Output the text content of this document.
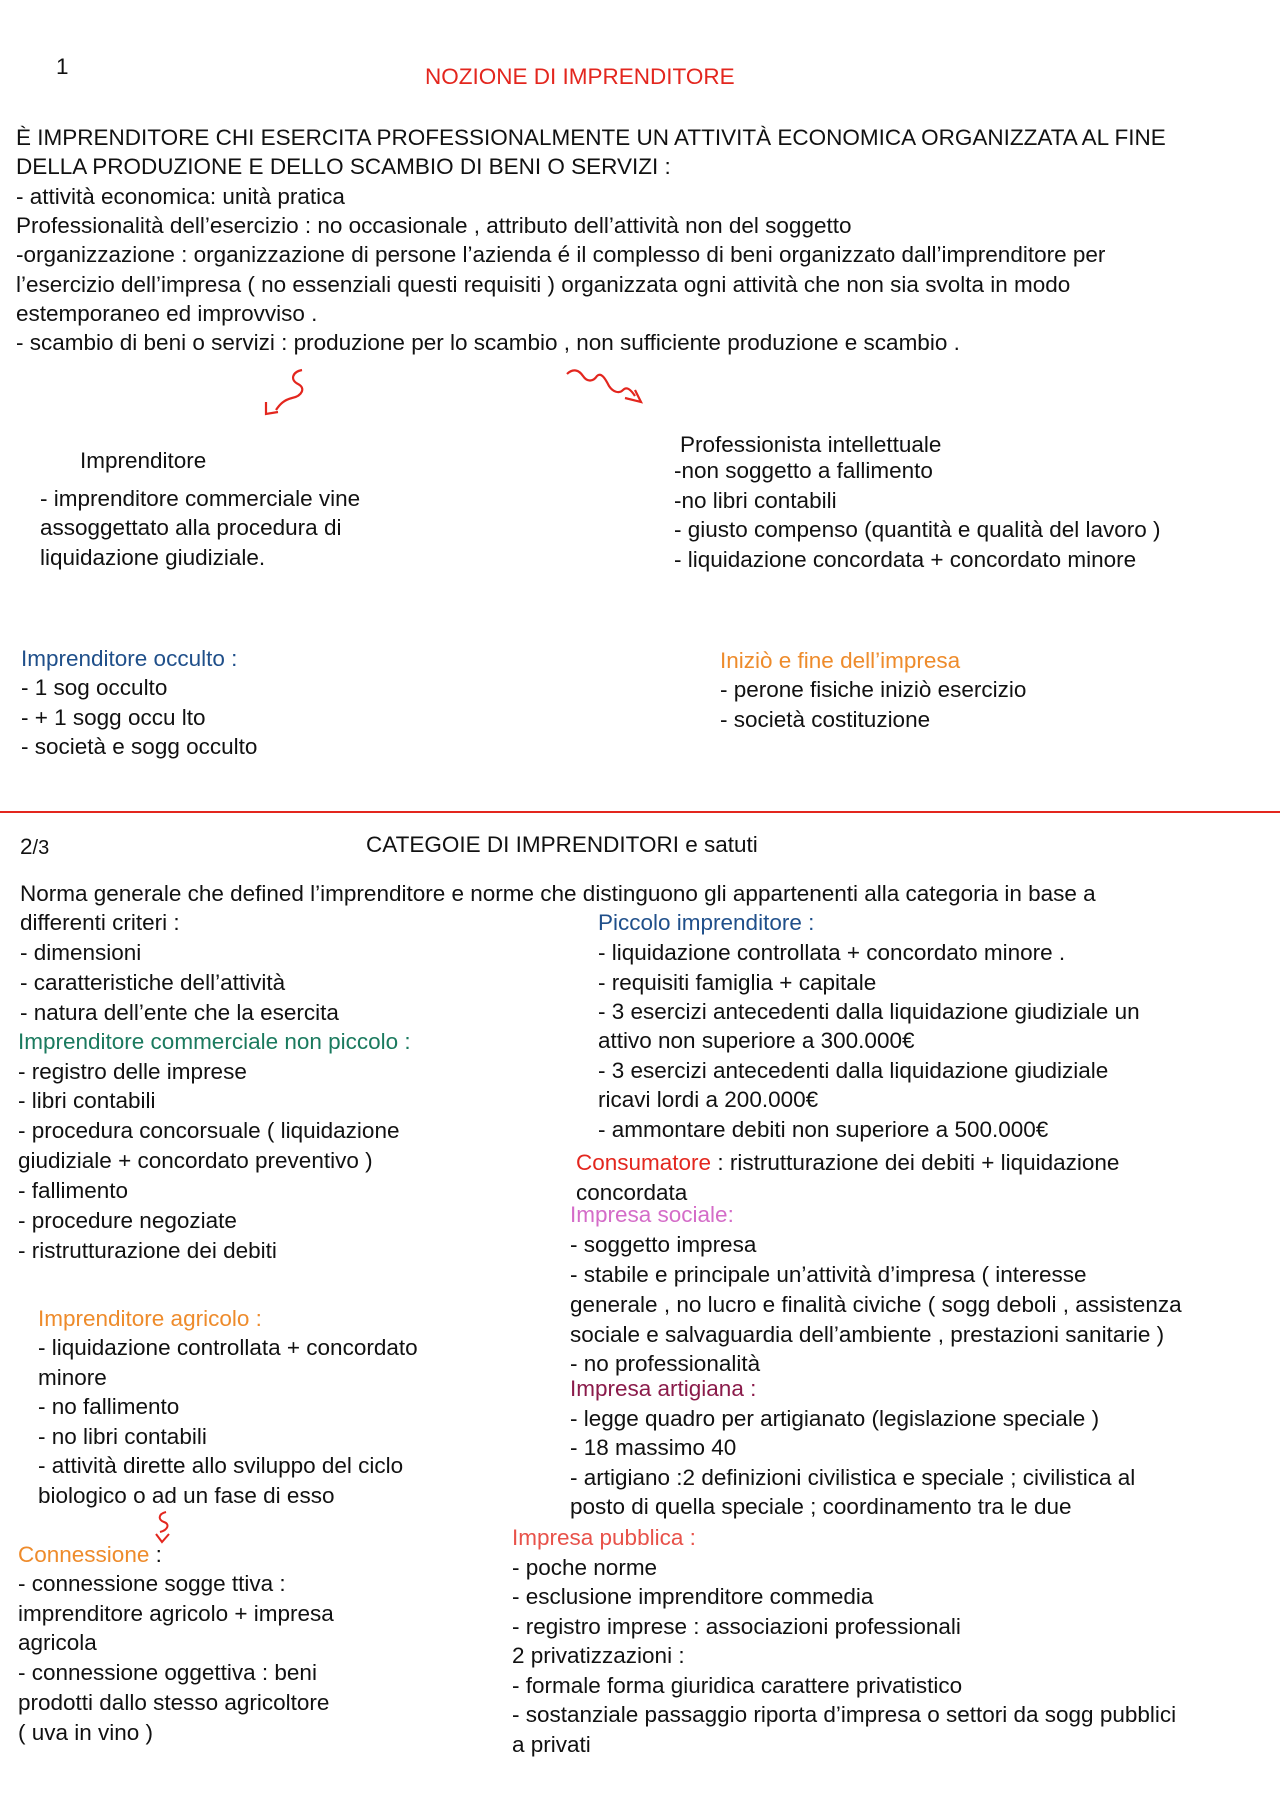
1	NOZIONE DI IMPRENDITORE
È IMPRENDITORE CHI ESERCITA PROFESSIONALMENTE UN ATTIVITÀ ECONOMICA ORGANIZZATA AL FINE
DELLA PRODUZIONE E DELLO SCAMBIO DI BENI O SERVIZI :
- attività economica: unità pratica
Professionalità dell’esercizio : no occasionale , attributo dell’attività non del soggetto
-organizzazione : organizzazione di persone l’azienda é il complesso di beni organizzato dall’imprenditore per
l’esercizio dell’impresa ( no essenziali questi requisiti ) organizzata ogni attività che non sia svolta in modo
estemporaneo ed improvviso .
- scambio di beni o servizi : produzione per lo scambio , non sufficiente produzione e scambio .
Imprenditore
- imprenditore commerciale vine
assoggettato alla procedura di
liquidazione giudiziale.
Professionista intellettuale
-non soggetto a fallimento
-no libri contabili
- giusto compenso (quantità e qualità del lavoro )
- liquidazione concordata + concordato minore
Imprenditore occulto :
- 1 sog occulto
- + 1 sogg occu lto
- società e sogg occulto
Iniziò e fine dell’impresa
- perone fisiche iniziò esercizio
- società costituzione
2/3	CATEGOIE DI IMPRENDITORI e satuti
Norma generale che defined l’imprenditore e norme che distinguono gli appartenenti alla categoria in base a
differenti criteri :
- dimensioni
- caratteristiche dell’attività
- natura dell’ente che la esercita
Imprenditore commerciale non piccolo :
- registro delle imprese
- libri contabili
- procedura concorsuale ( liquidazione
giudiziale + concordato preventivo )
- fallimento
- procedure negoziate
- ristrutturazione dei debiti
Imprenditore agricolo :
- liquidazione controllata + concordato
minore
- no fallimento
- no libri contabili
- attività dirette allo sviluppo del ciclo
biologico o ad un fase di esso
Connessione :
- connessione sogge ttiva :
imprenditore agricolo + impresa
agricola
- connessione oggettiva : beni
prodotti dallo stesso agricoltore
( uva in vino )
Piccolo imprenditore :
- liquidazione controllata + concordato minore .
- requisiti famiglia + capitale
- 3 esercizi antecedenti dalla liquidazione giudiziale un
attivo non superiore a 300.000€
- 3 esercizi antecedenti dalla liquidazione giudiziale
ricavi lordi a 200.000€
- ammontare debiti non superiore a 500.000€
Consumatore : ristrutturazione dei debiti + liquidazione
concordata
Impresa sociale:
- soggetto impresa
- stabile e principale un’attività d’impresa ( interesse
generale , no lucro e finalità civiche ( sogg deboli , assistenza
sociale e salvaguardia dell’ambiente , prestazioni sanitarie )
- no professionalità
Impresa artigiana :
- legge quadro per artigianato (legislazione speciale )
- 18 massimo 40
- artigiano :2 definizioni civilistica e speciale ; civilistica al
posto di quella speciale ; coordinamento tra le due
Impresa pubblica :
- poche norme
- esclusione imprenditore commedia
- registro imprese : associazioni professionali
2 privatizzazioni :
- formale forma giuridica carattere privatistico
- sostanziale passaggio riporta d’impresa o settori da sogg pubblici
a privati
